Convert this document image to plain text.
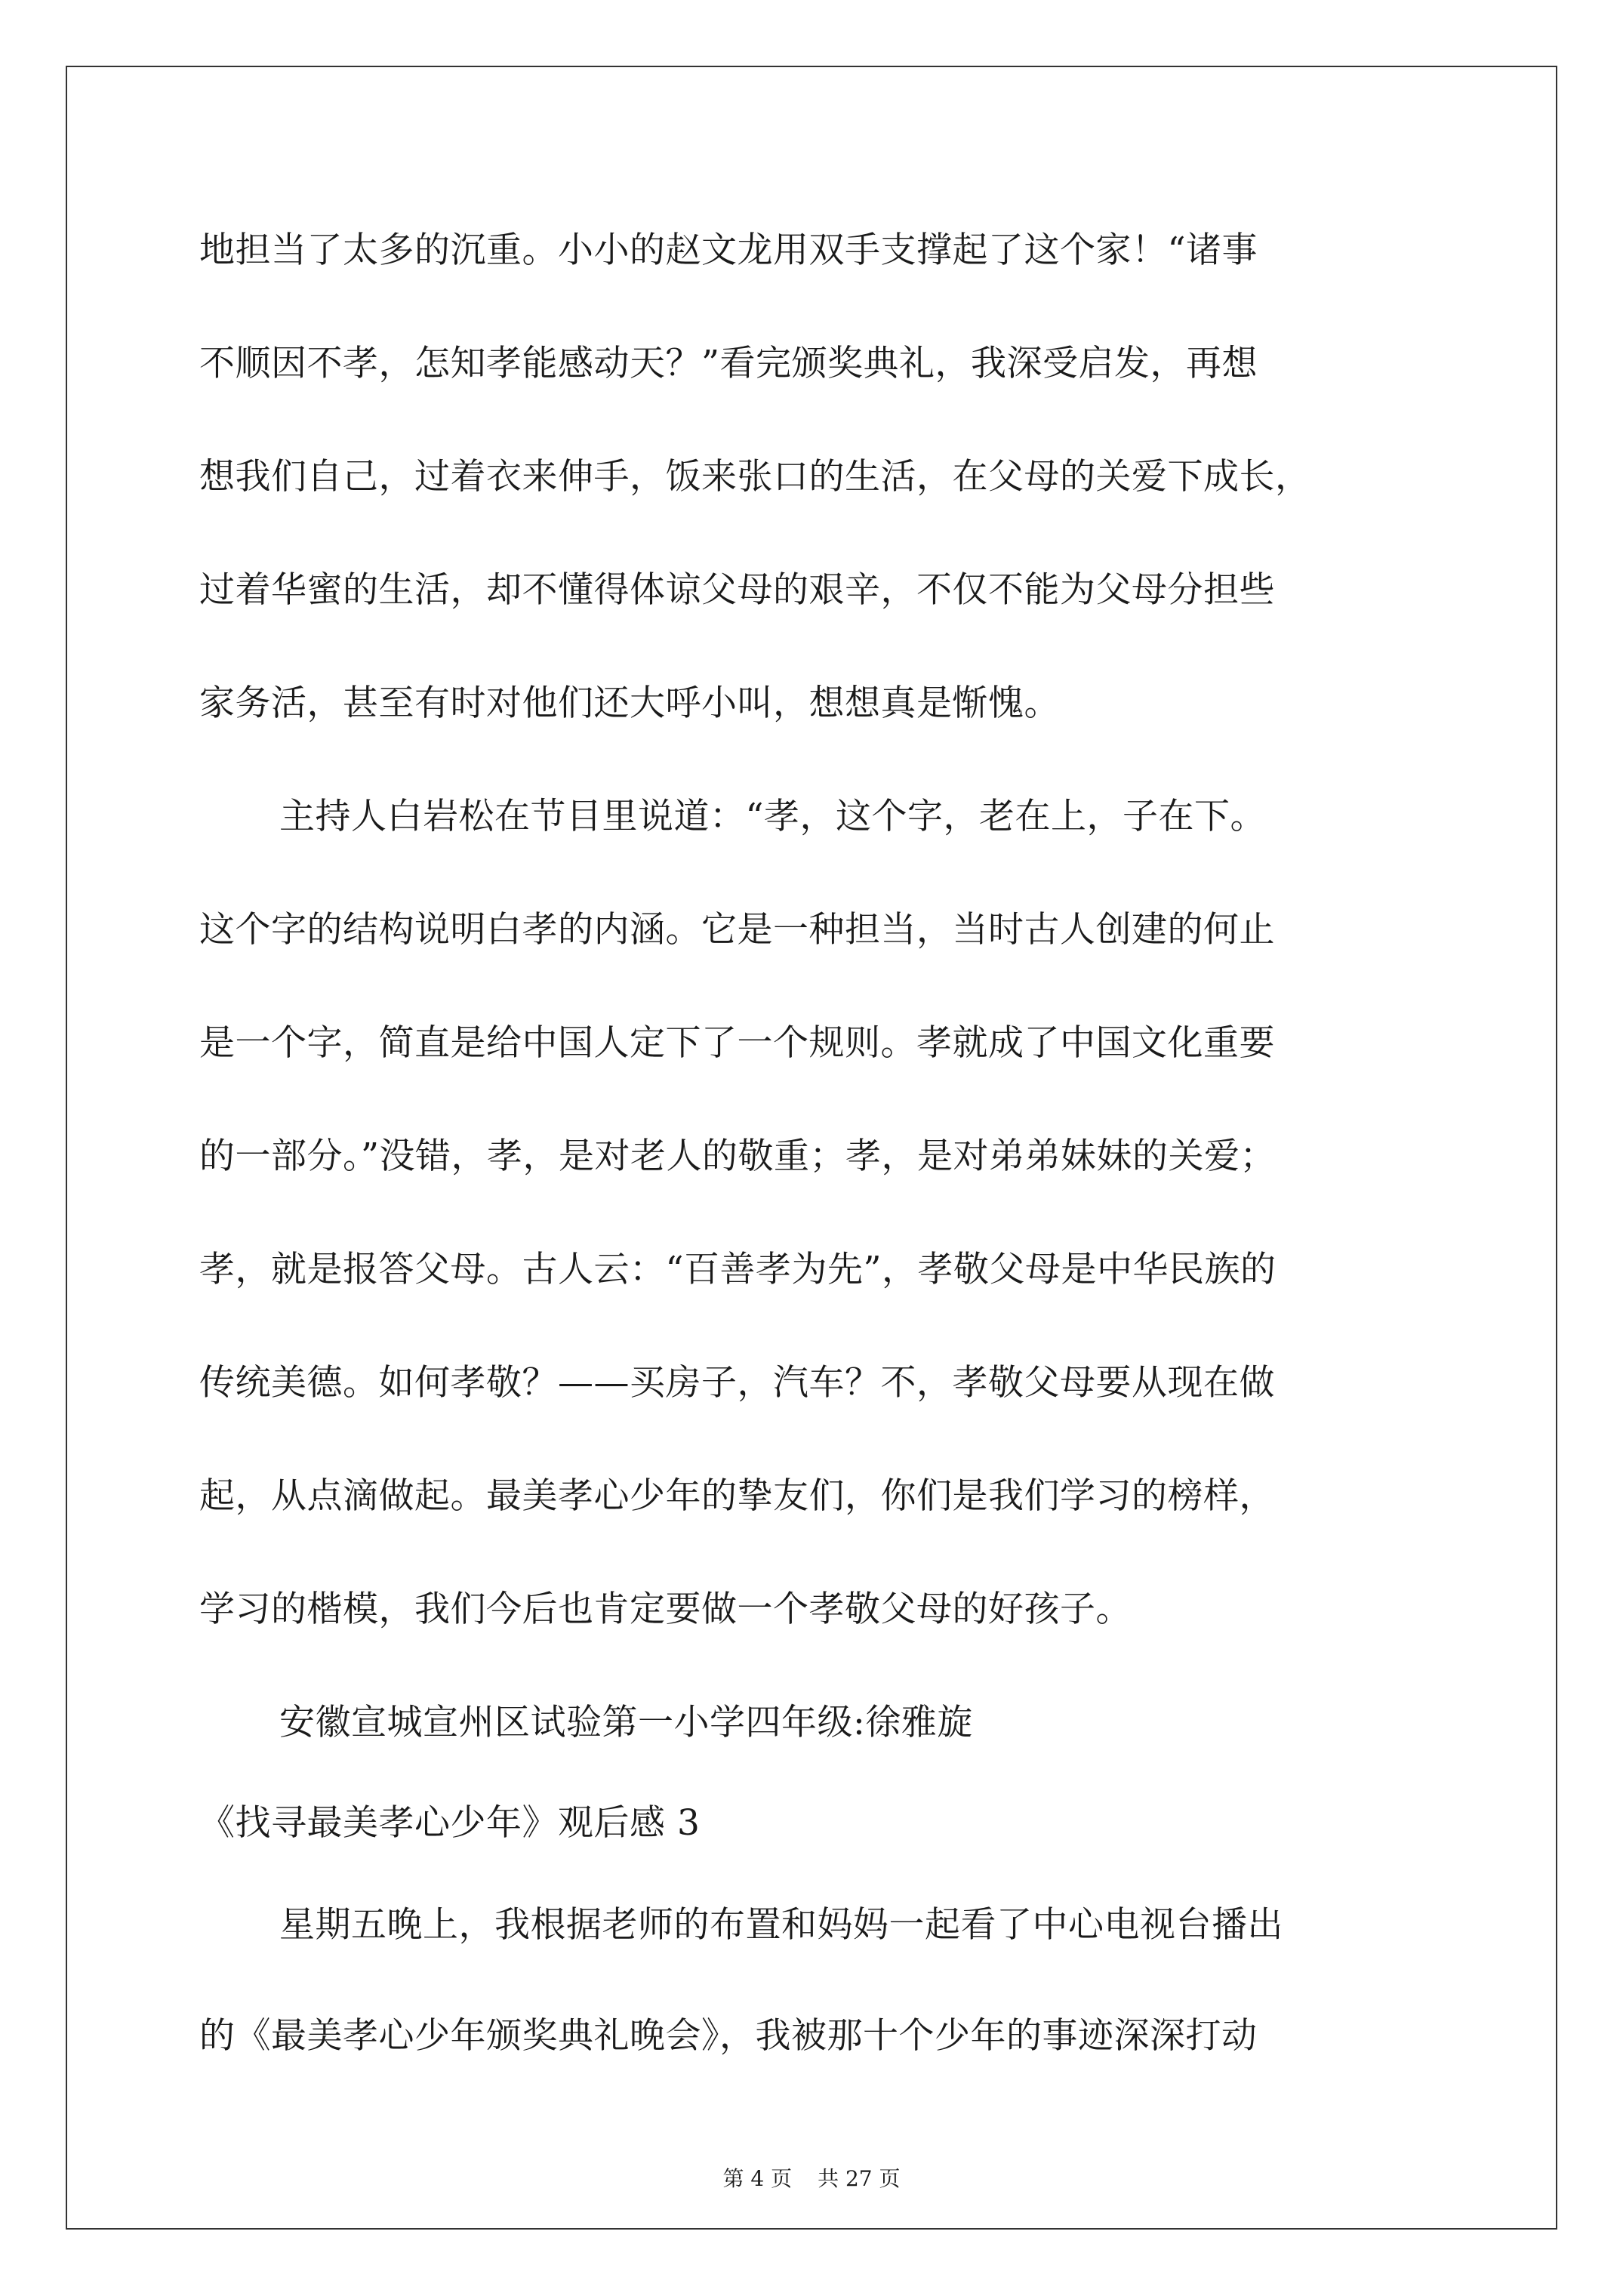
地担当了太多的沉重。小小的赵文龙用双手支撑起了这个家！“诸事
不顺因不孝，怎知孝能感动天？”看完颁奖典礼，我深受启发，再想
想我们自己，过着衣来伸手，饭来张口的生活，在父母的关爱下成长，
过着华蜜的生活，却不懂得体谅父母的艰辛，不仅不能为父母分担些
家务活，甚至有时对他们还大呼小叫，想想真是惭愧。
主持人白岩松在节目里说道：“孝，这个字，老在上，子在下。
这个字的结构说明白孝的内涵。它是一种担当，当时古人创建的何止
是一个字，简直是给中国人定下了一个规则。孝就成了中国文化重要
的一部分。”没错，孝，是对老人的敬重；孝，是对弟弟妹妹的关爱；
孝，就是报答父母。古人云：“百善孝为先”，孝敬父母是中华民族的
传统美德。如何孝敬？——买房子，汽车？不，孝敬父母要从现在做
起，从点滴做起。最美孝心少年的挚友们，你们是我们学习的榜样，
学习的楷模，我们今后也肯定要做一个孝敬父母的好孩子。
安徽宣城宣州区试验第一小学四年级:徐雅旋
《找寻最美孝心少年》观后感 3
星期五晚上，我根据老师的布置和妈妈一起看了中心电视台播出
的《最美孝心少年颁奖典礼晚会》，我被那十个少年的事迹深深打动
第 4 页 共 27 页
